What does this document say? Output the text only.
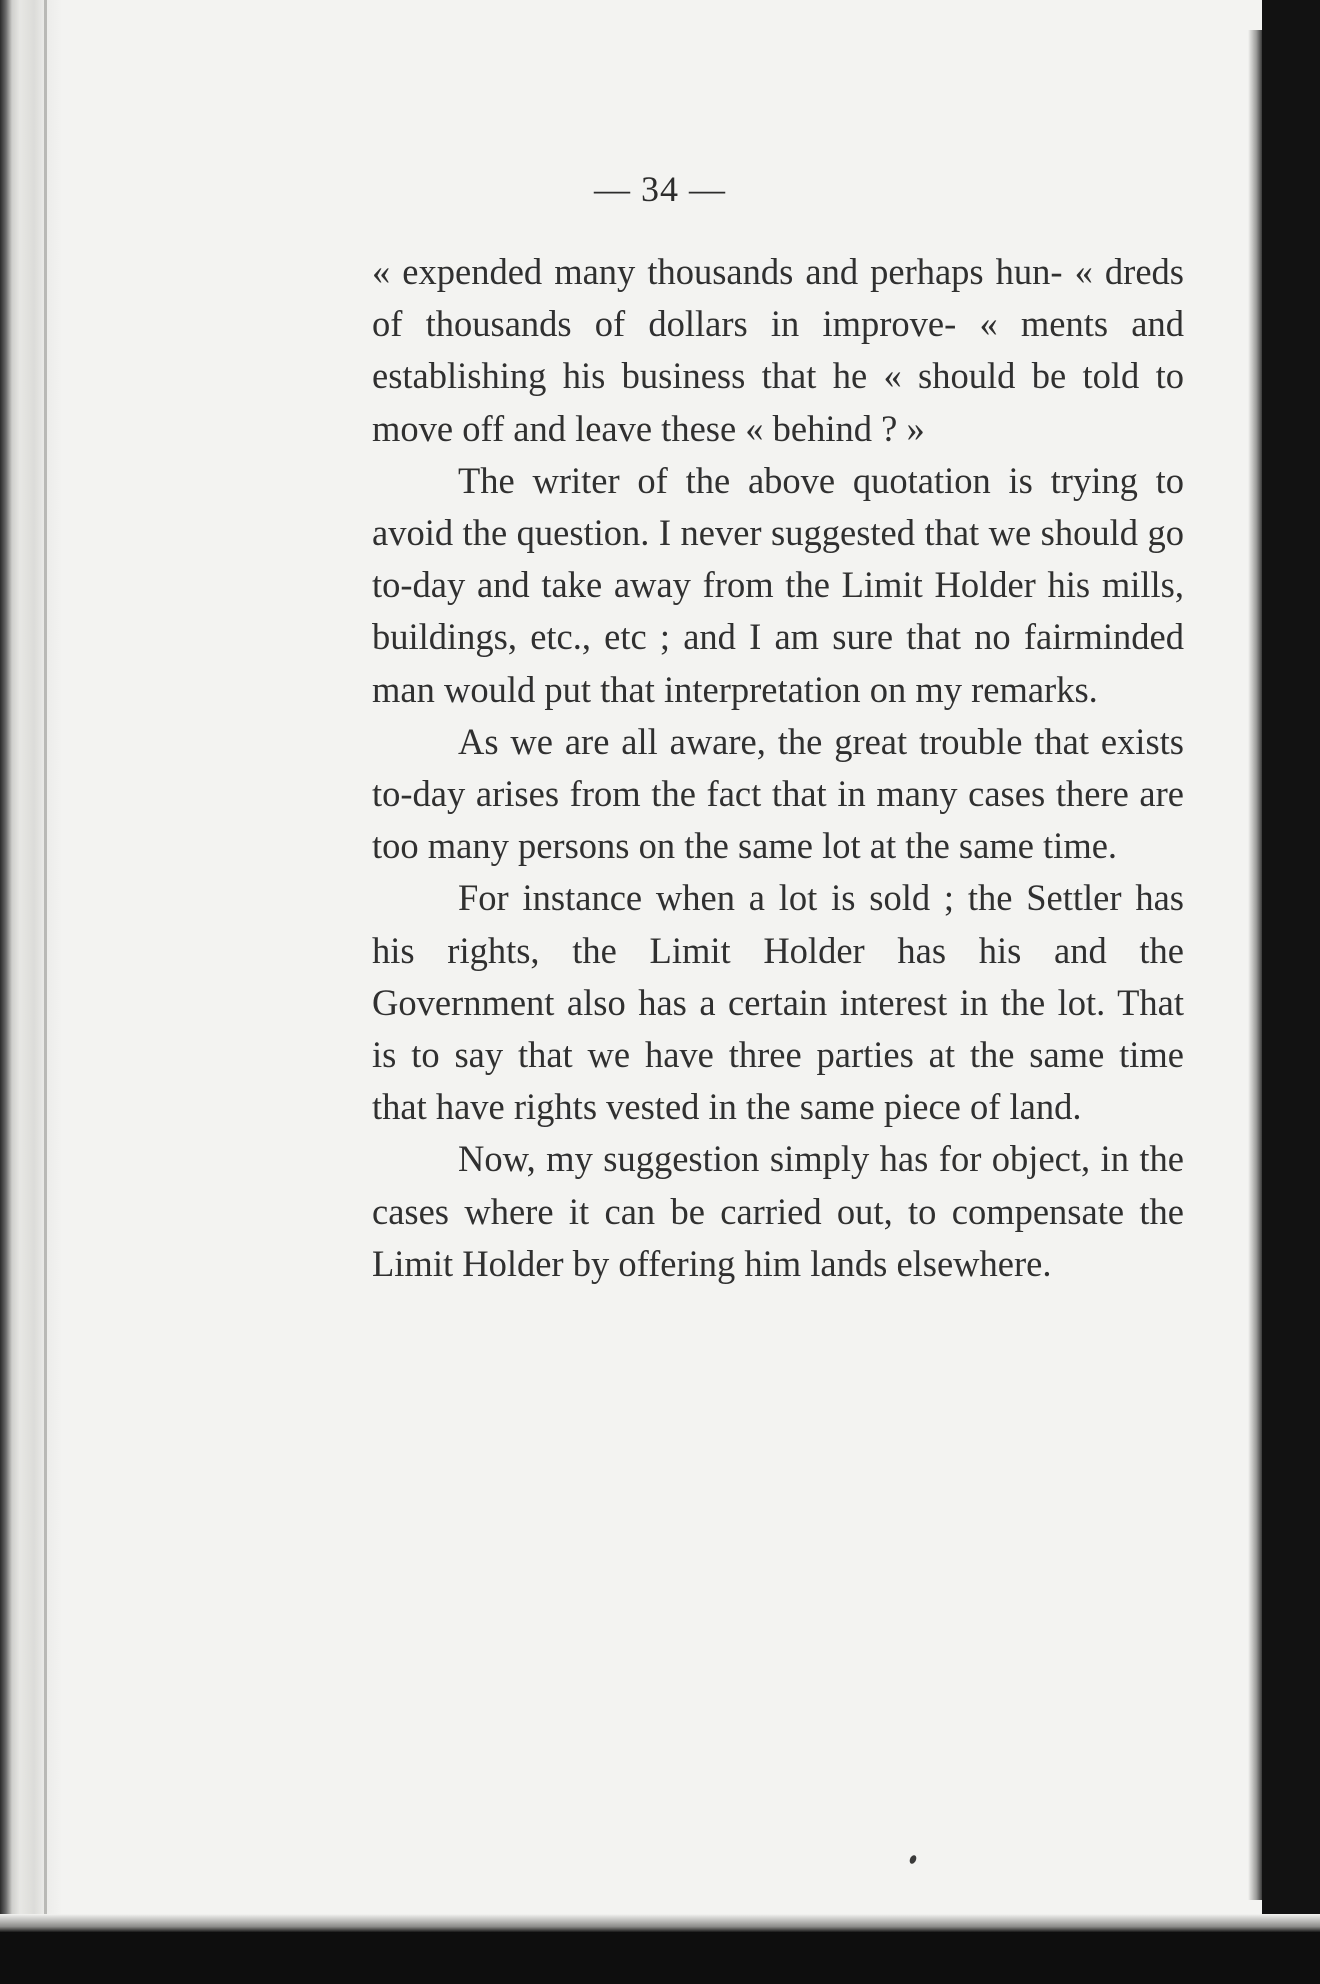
— 34 —

« expended many thousands and perhaps hun- « dreds of thousands of dollars in improve- « ments and establishing his business that he « should be told to move off and leave these « behind ? »

The writer of the above quotation is trying to avoid the question. I never suggested that we should go to-day and take away from the Limit Holder his mills, buildings, etc., etc ; and I am sure that no fairminded man would put that interpretation on my remarks.

As we are all aware, the great trouble that exists to-day arises from the fact that in many cases there are too many persons on the same lot at the same time.

For instance when a lot is sold ; the Settler has his rights, the Limit Holder has his and the Government also has a certain interest in the lot. That is to say that we have three parties at the same time that have rights vested in the same piece of land.

Now, my suggestion simply has for object, in the cases where it can be carried out, to compensate the Limit Holder by offering him lands elsewhere.
